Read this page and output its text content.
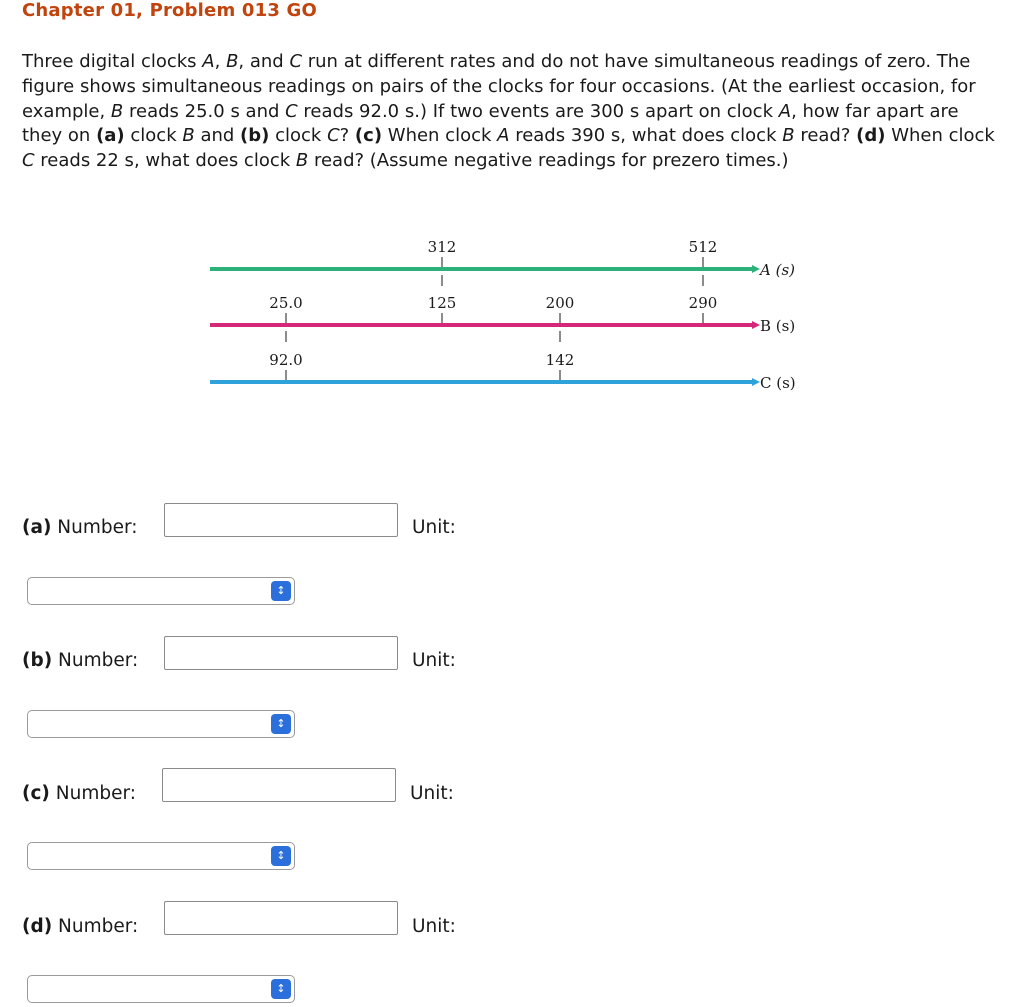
Chapter 01, Problem 013 GO
Three digital clocks A, B, and C run at different rates and do not have simultaneous readings of zero. The figure shows simultaneous readings on pairs of the clocks for four occasions. (At the earliest occasion, for example, B reads 25.0 s and C reads 92.0 s.) If two events are 300 s apart on clock A, how far apart are they on (a) clock B and (b) clock C? (c) When clock A reads 390 s, what does clock B read? (d) When clock C reads 22 s, what does clock B read? (Assume negative readings for prezero times.)
A (s)
B (s)
C (s)
25.0
92.0
312
125	200
142
512
290
(a) Number:	Unit:
↕
(b) Number:	Unit:
↕
(c) Number:	Unit:
↕
(d) Number:	Unit:
↕
